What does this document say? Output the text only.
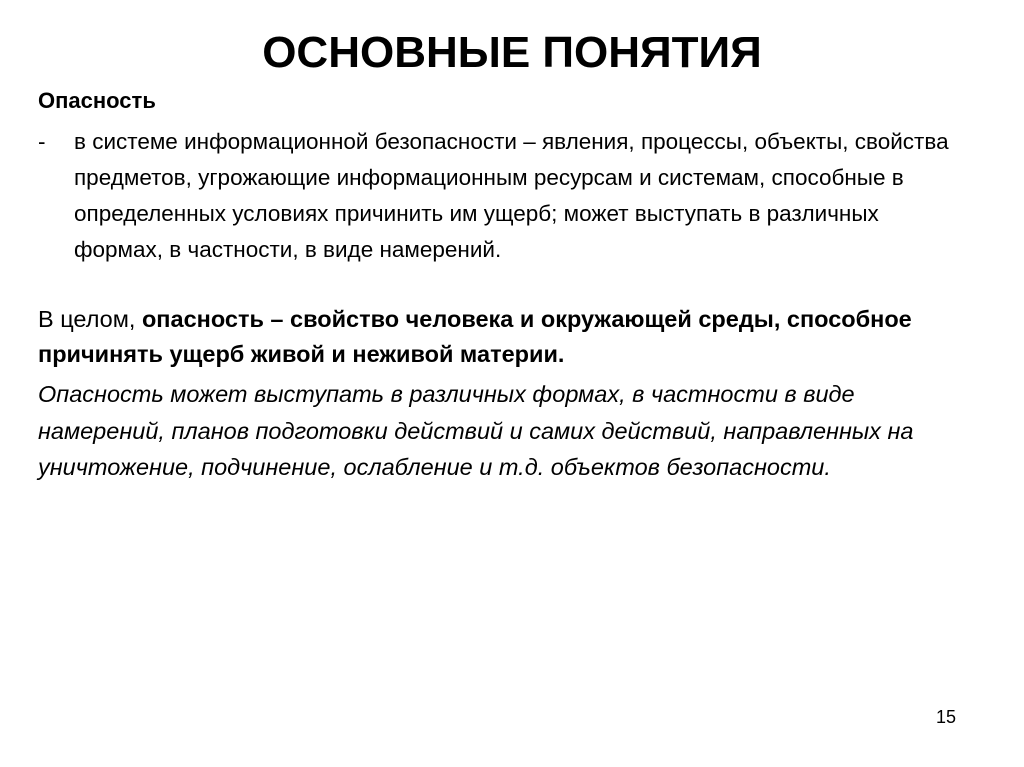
ОСНОВНЫЕ ПОНЯТИЯ
Опасность
- в системе информационной безопасности – явления, процессы, объекты, свойства предметов, угрожающие информационным ресурсам и системам, способные в определенных условиях причинить им ущерб; может выступать в различных формах, в частности, в виде намерений.
В целом, опасность – свойство человека и окружающей среды, способное причинять ущерб живой и неживой материи.
Опасность может выступать в различных формах, в частности в виде намерений, планов подготовки действий и самих действий, направленных на уничтожение, подчинение, ослабление и т.д. объектов безопасности.
15
